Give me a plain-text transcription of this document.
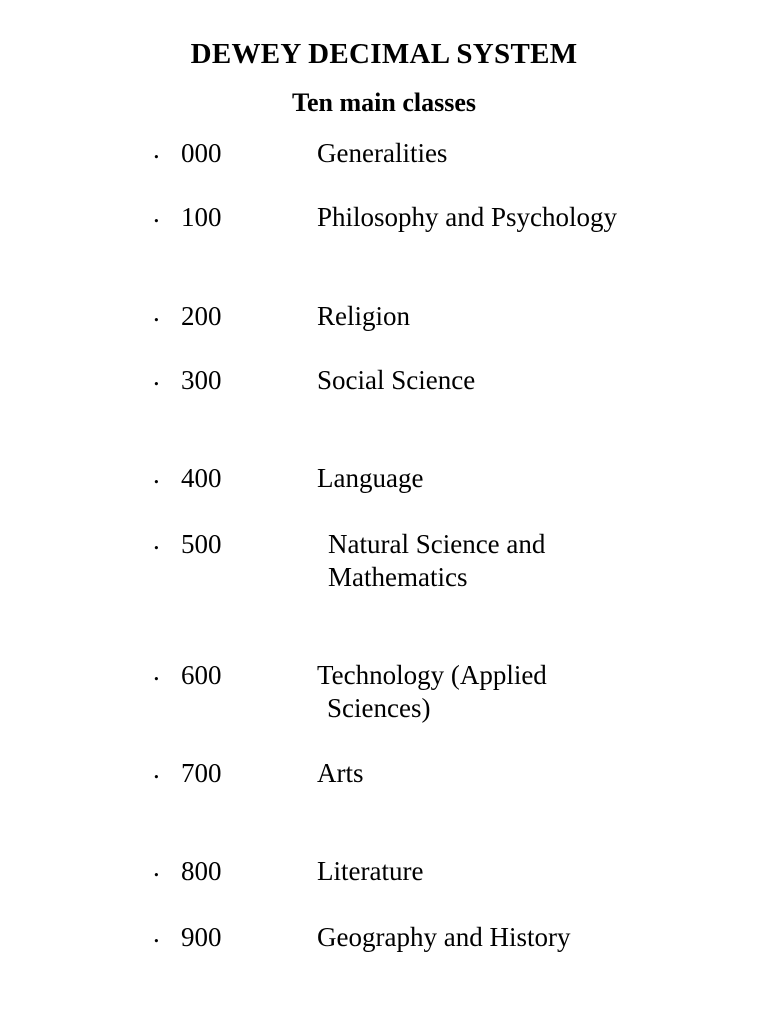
DEWEY DECIMAL SYSTEM
Ten main classes
. 000	Generalities
. 100	Philosophy and Psychology
. 200	Religion
. 300	Social Science
. 400	Language
. 500	Natural Science and
Mathematics
. 600	Technology (Applied
Sciences)
. 700	Arts
. 800	Literature
. 900	Geography and History
